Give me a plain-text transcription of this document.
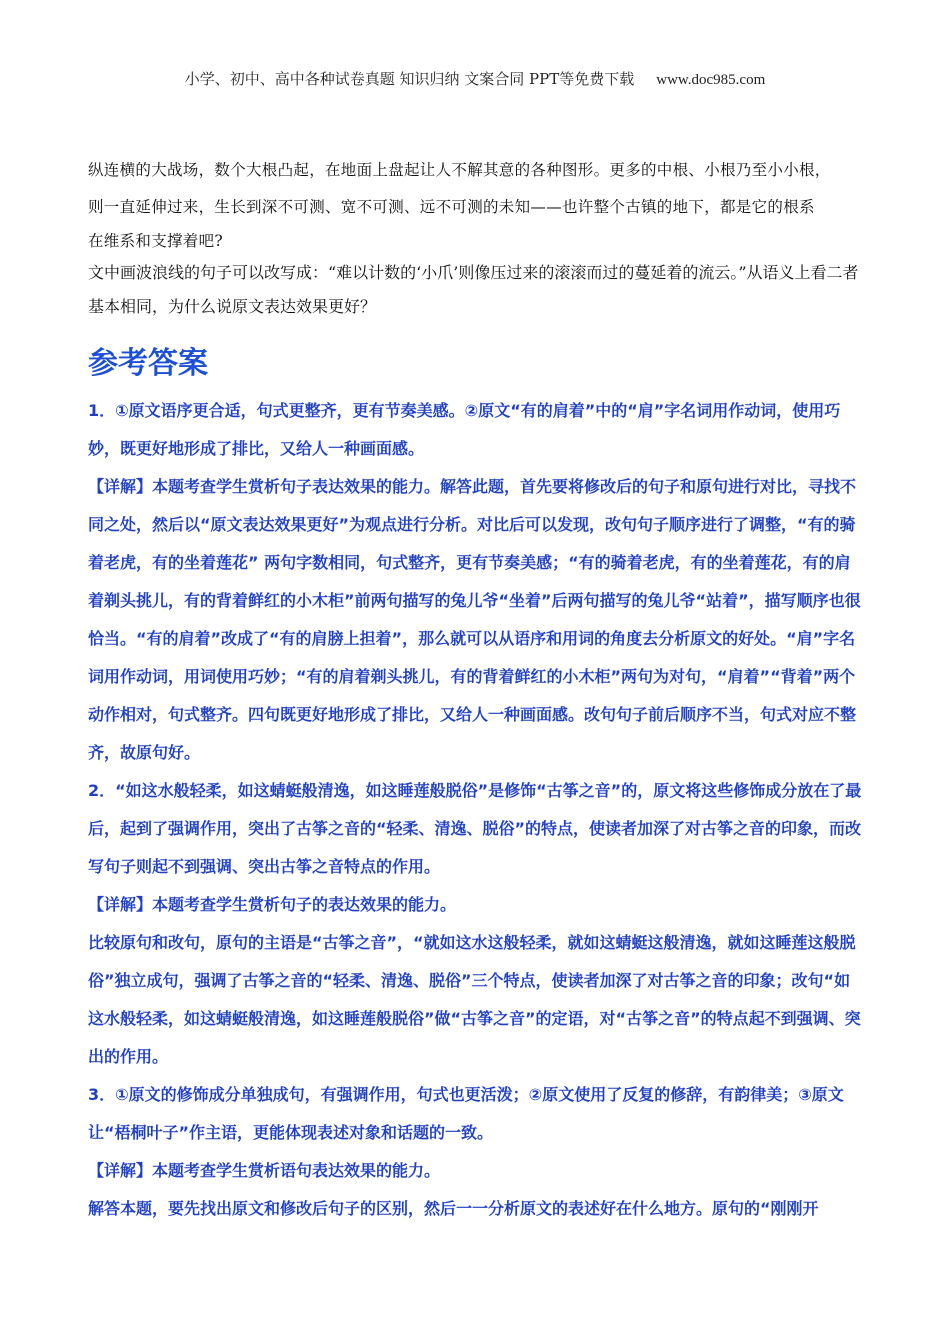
小学、初中、高中各种试卷真题 知识归纳 文案合同 PPT等免费下载 www.doc985.com
纵连横的大战场，数个大根凸起，在地面上盘起让人不解其意的各种图形。更多的中根、小根乃至小小根，
则一直延伸过来，生长到深不可测、宽不可测、远不可测的未知——也许整个古镇的地下，都是它的根系
在维系和支撑着吧?
文中画波浪线的句子可以改写成：“难以计数的‘小爪’则像压过来的滚滚而过的蔓延着的流云。”从语义上看二者基本相同，为什么说原文表达效果更好？
参考答案

1．①原文语序更合适，句式更整齐，更有节奏美感。②原文“有的肩着”中的“肩”字名词用作动词，使用巧妙，既更好地形成了排比，又给人一种画面感。

【详解】本题考查学生赏析句子表达效果的能力。解答此题，首先要将修改后的句子和原句进行对比，寻找不同之处，然后以“原文表达效果更好”为观点进行分析。对比后可以发现，改句句子顺序进行了调整，“有的骑着老虎，有的坐着莲花” 两句字数相同，句式整齐，更有节奏美感；“有的骑着老虎，有的坐着莲花，有的肩着剃头挑儿，有的背着鲜红的小木柜”前两句描写的兔儿爷“坐着”后两句描写的兔儿爷“站着”，描写顺序也很恰当。“有的肩着”改成了“有的肩膀上担着”，那么就可以从语序和用词的角度去分析原文的好处。“肩”字名词用作动词，用词使用巧妙；“有的肩着剃头挑儿，有的背着鲜红的小木柜”两句为对句，“肩着”“背着”两个动作相对，句式整齐。四句既更好地形成了排比，又给人一种画面感。改句句子前后顺序不当，句式对应不整齐，故原句好。

2．“如这水般轻柔，如这蜻蜓般清逸，如这睡莲般脱俗”是修饰“古筝之音”的，原文将这些修饰成分放在了最后，起到了强调作用，突出了古筝之音的“轻柔、清逸、脱俗”的特点，使读者加深了对古筝之音的印象，而改写句子则起不到强调、突出古筝之音特点的作用。

【详解】本题考查学生赏析句子的表达效果的能力。

比较原句和改句，原句的主语是“古筝之音”，“就如这水这般轻柔，就如这蜻蜓这般清逸，就如这睡莲这般脱俗”独立成句，强调了古筝之音的“轻柔、清逸、脱俗”三个特点，使读者加深了对古筝之音的印象；改句“如这水般轻柔，如这蜻蜓般清逸，如这睡莲般脱俗”做“古筝之音”的定语，对“古筝之音”的特点起不到强调、突出的作用。

3．①原文的修饰成分单独成句，有强调作用，句式也更活泼；②原文使用了反复的修辞，有韵律美；③原文让“梧桐叶子”作主语，更能体现表述对象和话题的一致。

【详解】本题考查学生赏析语句表达效果的能力。

解答本题，要先找出原文和修改后句子的区别，然后一一分析原文的表述好在什么地方。原句的“刚刚开
